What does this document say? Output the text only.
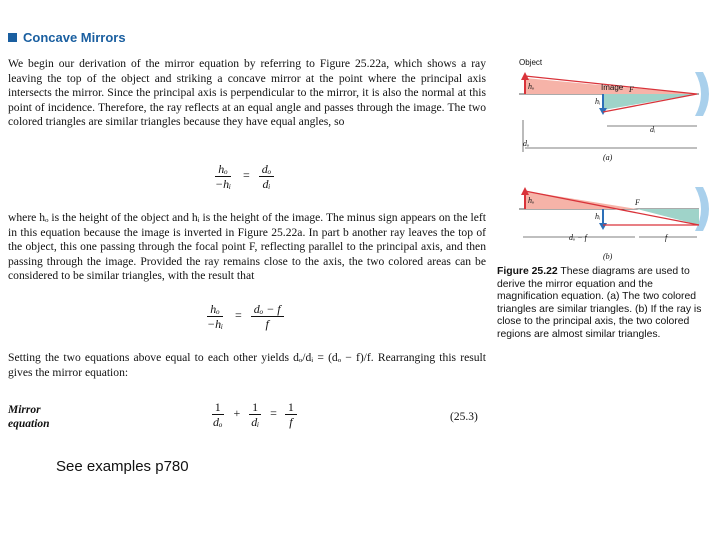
Concave Mirrors
We begin our derivation of the mirror equation by referring to Figure 25.22a, which shows a ray leaving the top of the object and striking a concave mirror at the point where the principal axis intersects the mirror. Since the principal axis is perpendicular to the mirror, it is also the normal at this point of incidence. Therefore, the ray reflects at an equal angle and passes through the image. The two colored triangles are similar triangles because they have equal angles, so
$\frac{\text{hₒ}}{\text{−hᵢ}} = \frac{\text{dₒ}}{\text{dᵢ}}$
where hₒ is the height of the object and hᵢ is the height of the image. The minus sign appears on the left in this equation because the image is inverted in Figure 25.22a. In part b another ray leaves the top of the object, this one passing through the focal point F, reflecting parallel to the principal axis, and then passing through the image. Provided the ray remains close to the axis, the two colored areas can be considered to be similar triangles, with the result that
$\frac{\text{hₒ}}{\text{−hᵢ}} = \frac{\text{dₒ − f}}{f}$
Setting the two equations above equal to each other yields dₒ/dᵢ = (dₒ − f)/f. Rearranging this result gives the mirror equation:
Mirror
equation	$\frac{1}{\text{dₒ}} + \frac{1}{\text{dᵢ}} = \frac{1}{f}$	(25.3)
See examples p780
Object
Image
hₒ
hᵢ
F
dᵢ
dₒ
(a)
hₒ
hᵢ
F
dₒ − f	f
(b)
Figure 25.22 These diagrams are used to derive the mirror equation and the magnification equation. (a) The two colored triangles are similar triangles. (b) If the ray is close to the principal axis, the two colored regions are almost similar triangles.
